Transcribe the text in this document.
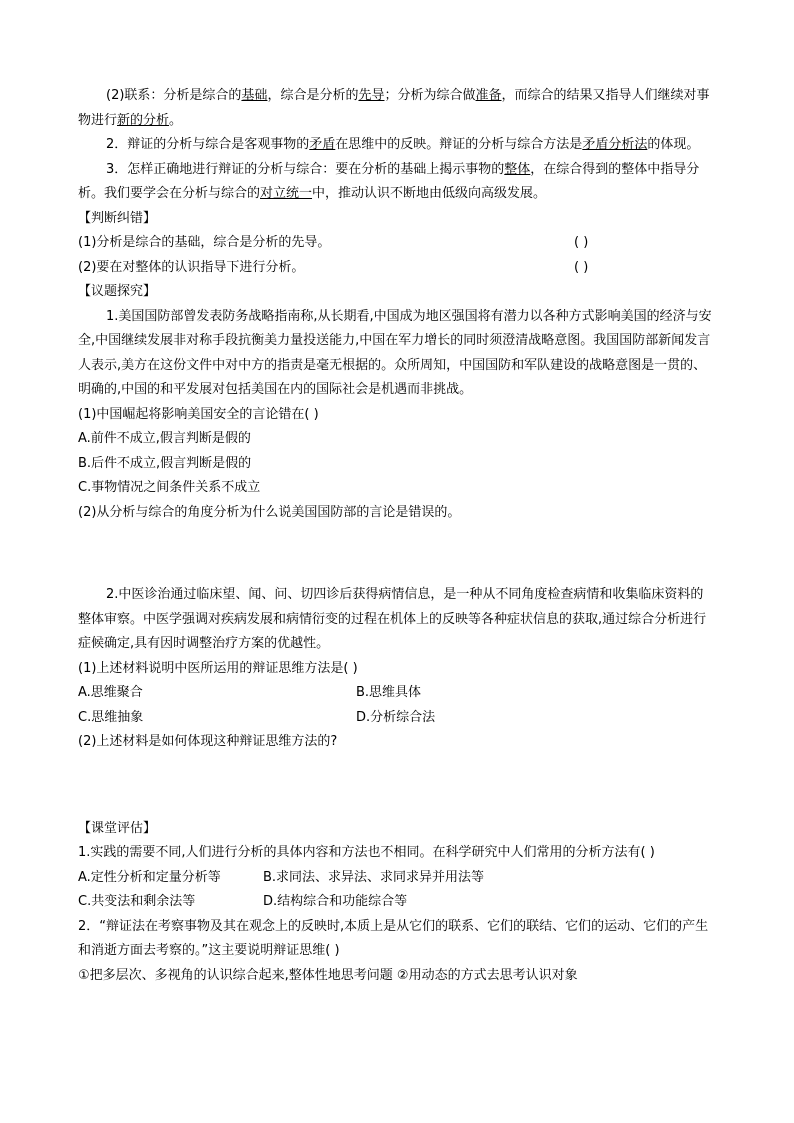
(2)联系：分析是综合的基础，综合是分析的先导；分析为综合做准备，而综合的结果又指导人们继续对事物进行新的分析。

2．辩证的分析与综合是客观事物的矛盾在思维中的反映。辩证的分析与综合方法是矛盾分析法的体现。

3．怎样正确地进行辩证的分析与综合：要在分析的基础上揭示事物的整体，在综合得到的整体中指导分析。我们要学会在分析与综合的对立统一中，推动认识不断地由低级向高级发展。

【判断纠错】

(1)分析是综合的基础，综合是分析的先导。	( )

(2)要在对整体的认识指导下进行分析。	( )

【议题探究】

1.美国国防部曾发表防务战略指南称,从长期看,中国成为地区强国将有潜力以各种方式影响美国的经济与安全,中国继续发展非对称手段抗衡美力量投送能力,中国在军力增长的同时须澄清战略意图。我国国防部新闻发言人表示,美方在这份文件中对中方的指责是毫无根据的。众所周知，中国国防和军队建设的战略意图是一贯的、明确的,中国的和平发展对包括美国在内的国际社会是机遇而非挑战。

(1)中国崛起将影响美国安全的言论错在( )

A.前件不成立,假言判断是假的

B.后件不成立,假言判断是假的

C.事物情况之间条件关系不成立

(2)从分析与综合的角度分析为什么说美国国防部的言论是错误的。

2.中医诊治通过临床望、闻、问、切四诊后获得病情信息，是一种从不同角度检查病情和收集临床资料的整体审察。中医学强调对疾病发展和病情衍变的过程在机体上的反映等各种症状信息的获取,通过综合分析进行症候确定,具有因时调整治疗方案的优越性。

(1)上述材料说明中医所运用的辩证思维方法是( )

A.思维聚合	B.思维具体

C.思维抽象	D.分析综合法

(2)上述材料是如何体现这种辩证思维方法的?

【课堂评估】

1.实践的需要不同,人们进行分析的具体内容和方法也不相同。在科学研究中人们常用的分析方法有( )

A.定性分析和定量分析等	B.求同法、求异法、求同求异并用法等

C.共变法和剩余法等	D.结构综合和功能综合等

2．“辩证法在考察事物及其在观念上的反映时,本质上是从它们的联系、它们的联结、它们的运动、它们的产生和消逝方面去考察的。”这主要说明辩证思维( )

①把多层次、多视角的认识综合起来,整体性地思考问题 ②用动态的方式去思考认识对象
